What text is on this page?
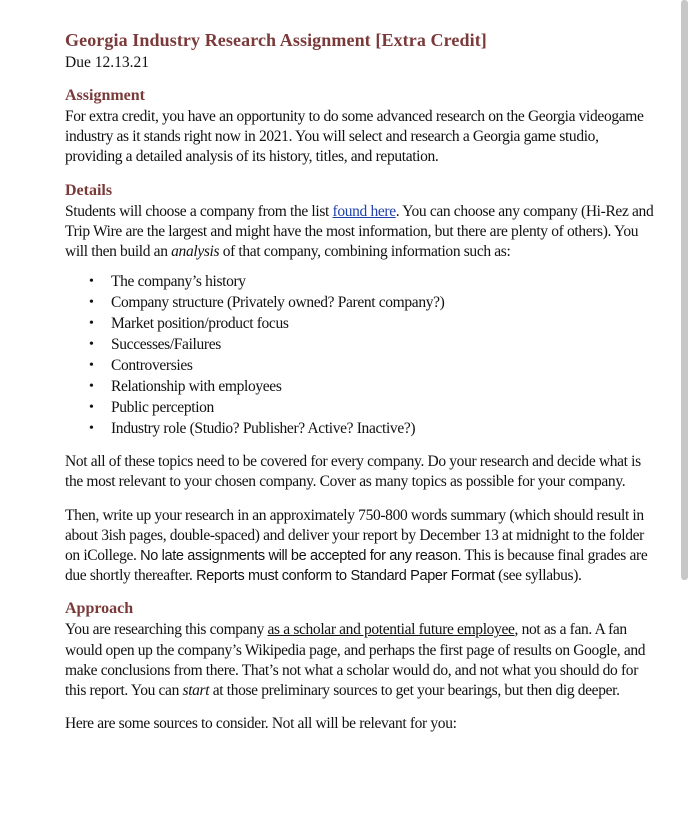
Georgia Industry Research Assignment [Extra Credit]
Due 12.13.21
Assignment

For extra credit, you have an opportunity to do some advanced research on the Georgia videogame industry as it stands right now in 2021. You will select and research a Georgia game studio, providing a detailed analysis of its history, titles, and reputation.

Details

Students will choose a company from the list found here. You can choose any company (Hi-Rez and Trip Wire are the largest and might have the most information, but there are plenty of others). You will then build an analysis of that company, combining information such as:

• The company’s history
• Company structure (Privately owned? Parent company?)
• Market position/product focus
• Successes/Failures
• Controversies
• Relationship with employees
• Public perception
• Industry role (Studio? Publisher? Active? Inactive?)

Not all of these topics need to be covered for every company. Do your research and decide what is the most relevant to your chosen company. Cover as many topics as possible for your company.

Then, write up your research in an approximately 750-800 words summary (which should result in about 3ish pages, double-spaced) and deliver your report by December 13 at midnight to the folder on iCollege. No late assignments will be accepted for any reason. This is because final grades are due shortly thereafter. Reports must conform to Standard Paper Format (see syllabus).

Approach

You are researching this company as a scholar and potential future employee, not as a fan. A fan would open up the company’s Wikipedia page, and perhaps the first page of results on Google, and make conclusions from there. That’s not what a scholar would do, and not what you should do for this report. You can start at those preliminary sources to get your bearings, but then dig deeper.

Here are some sources to consider. Not all will be relevant for you:
